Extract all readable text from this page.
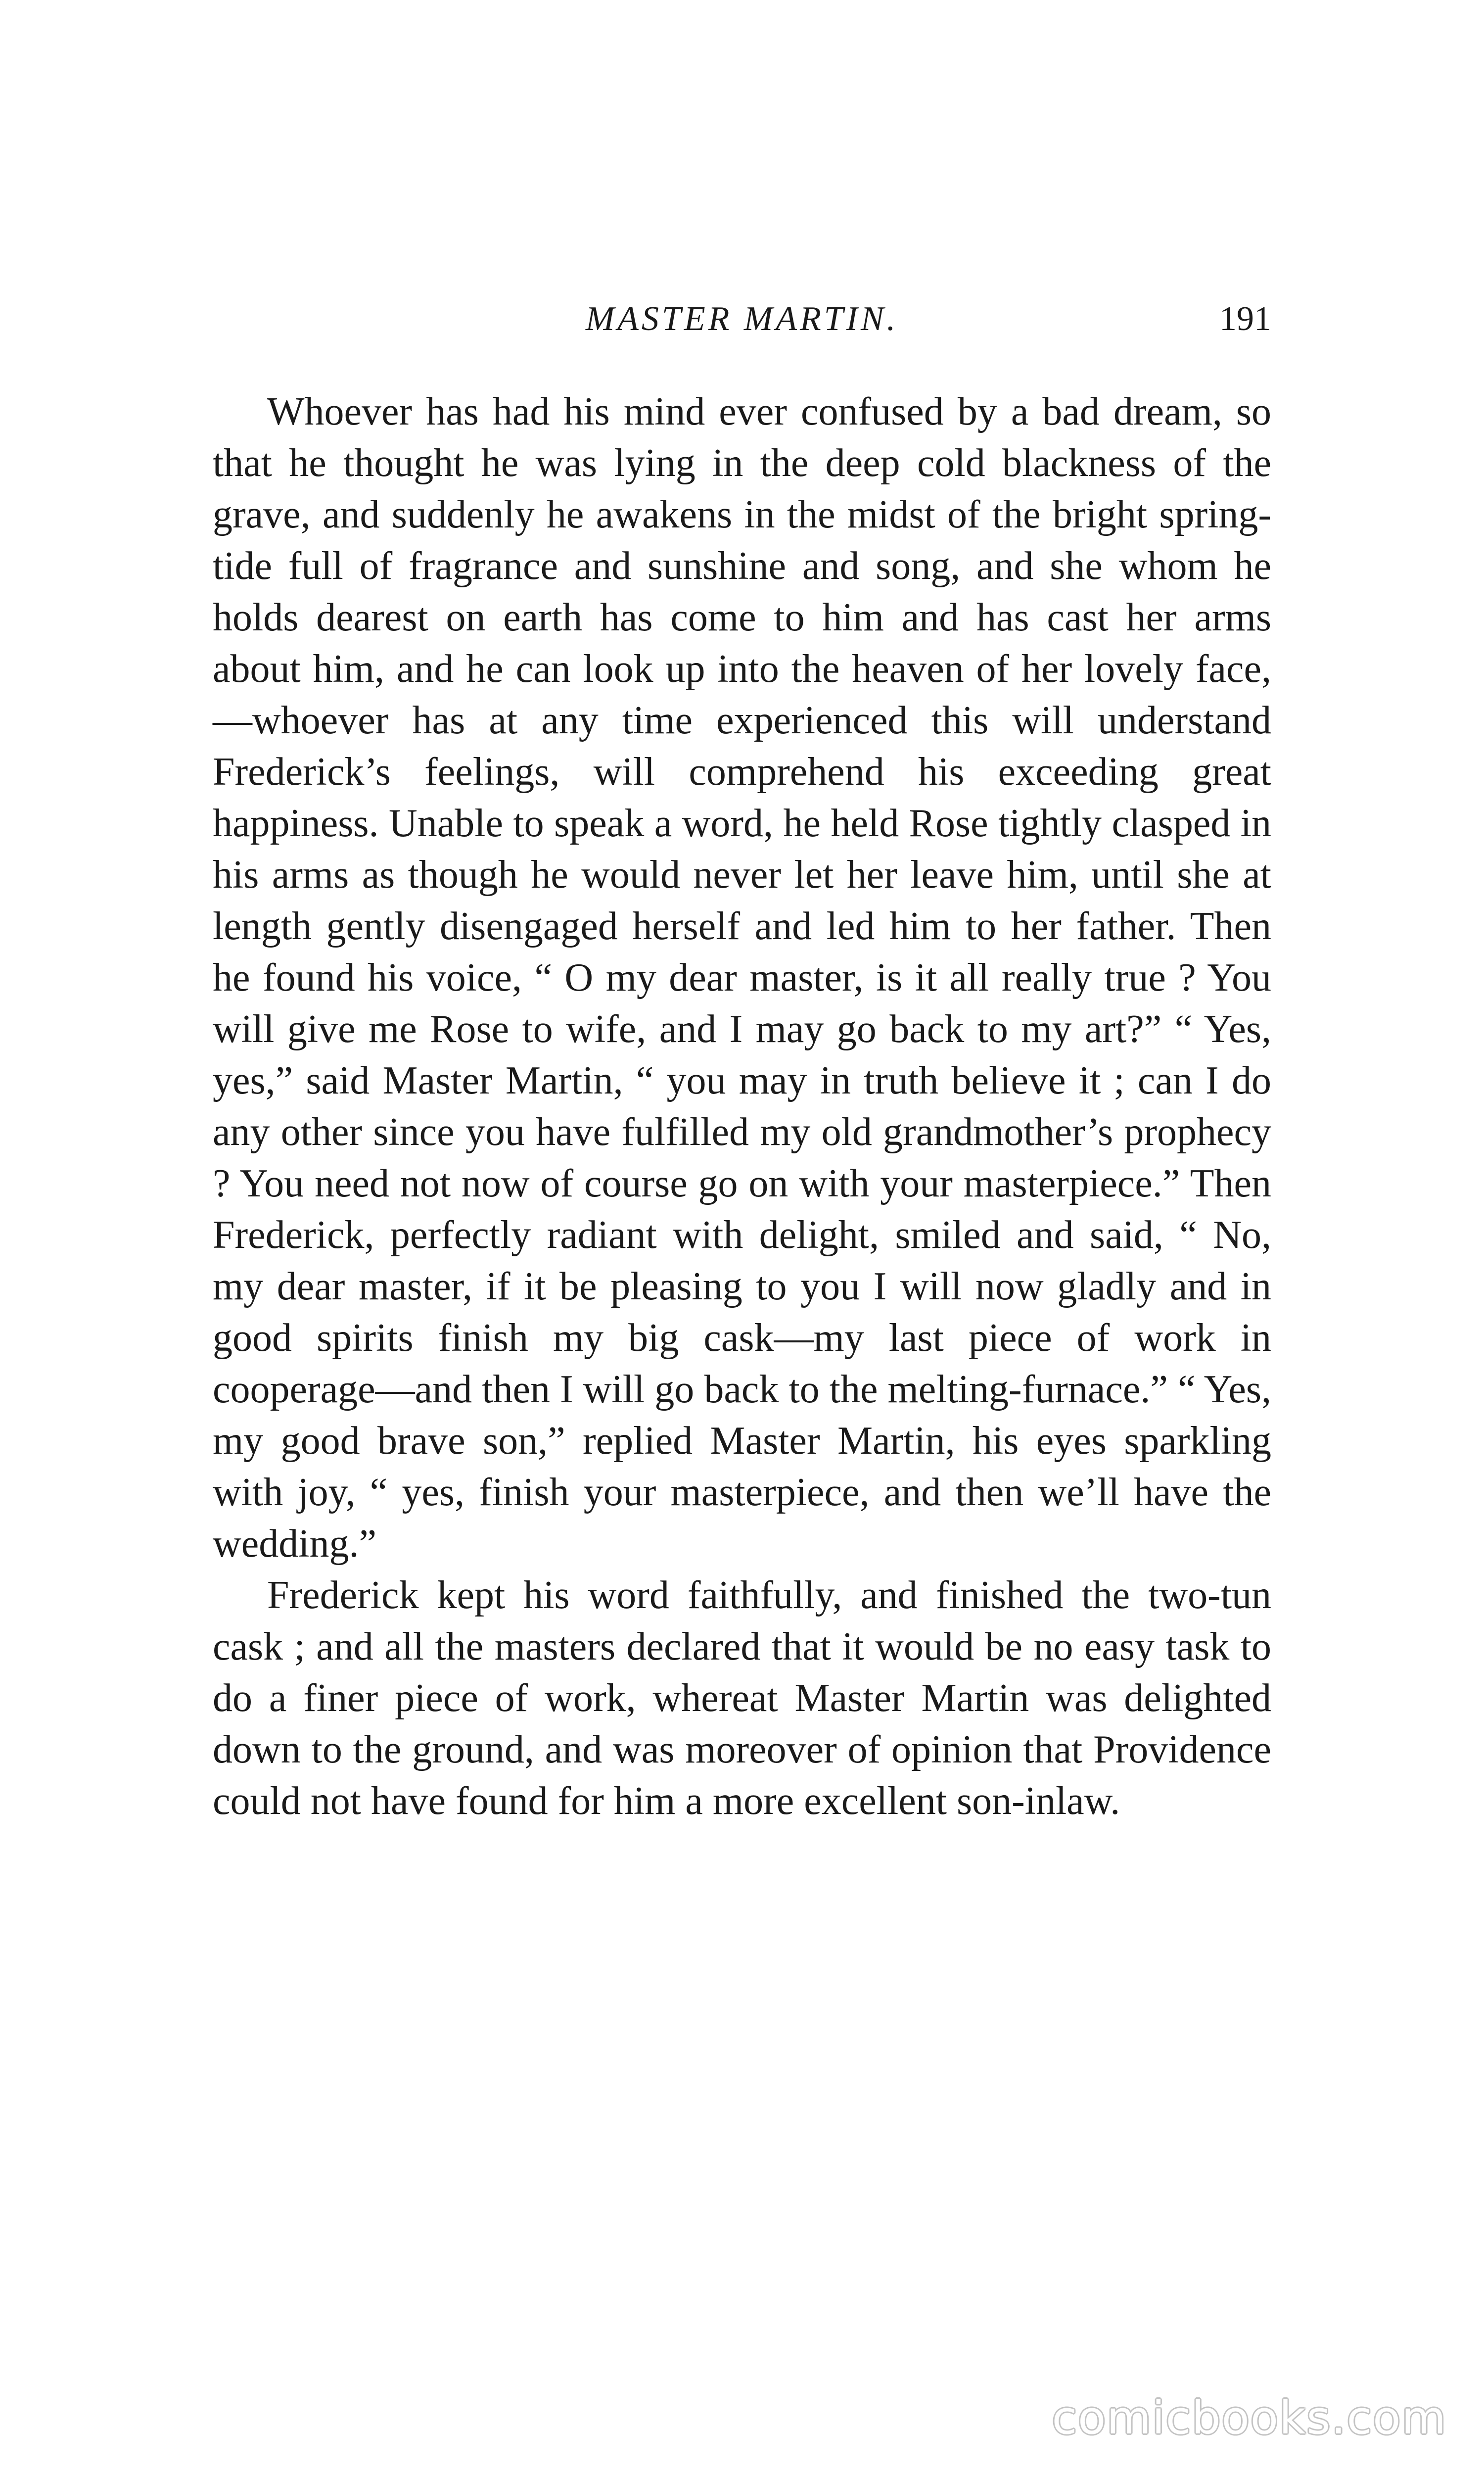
MASTER MARTIN.	191

Whoever has had his mind ever confused by a bad dream, so that he thought he was lying in the deep cold blackness of the grave, and suddenly he awakens in the midst of the bright spring-tide full of fragrance and sunshine and song, and she whom he holds dearest on earth has come to him and has cast her arms about him, and he can look up into the heaven of her lovely face, —whoever has at any time experienced this will understand Frederick’s feelings, will comprehend his exceeding great happiness. Unable to speak a word, he held Rose tightly clasped in his arms as though he would never let her leave him, until she at length gently disengaged herself and led him to her father. Then he found his voice, “ O my dear master, is it all really true ? You will give me Rose to wife, and I may go back to my art?” “ Yes, yes,” said Master Martin, “ you may in truth believe it ; can I do any other since you have fulfilled my old grandmother’s prophecy ? You need not now of course go on with your masterpiece.” Then Frederick, perfectly radiant with delight, smiled and said, “ No, my dear master, if it be pleasing to you I will now gladly and in good spirits finish my big cask—my last piece of work in cooperage—and then I will go back to the melting-furnace.” “ Yes, my good brave son,” replied Master Martin, his eyes sparkling with joy, “ yes, finish your masterpiece, and then we’ll have the wedding.”

Frederick kept his word faithfully, and finished the two-tun cask ; and all the masters declared that it would be no easy task to do a finer piece of work, whereat Master Martin was delighted down to the ground, and was moreover of opinion that Providence could not have found for him a more excellent son-inlaw.

comicbooks.com
